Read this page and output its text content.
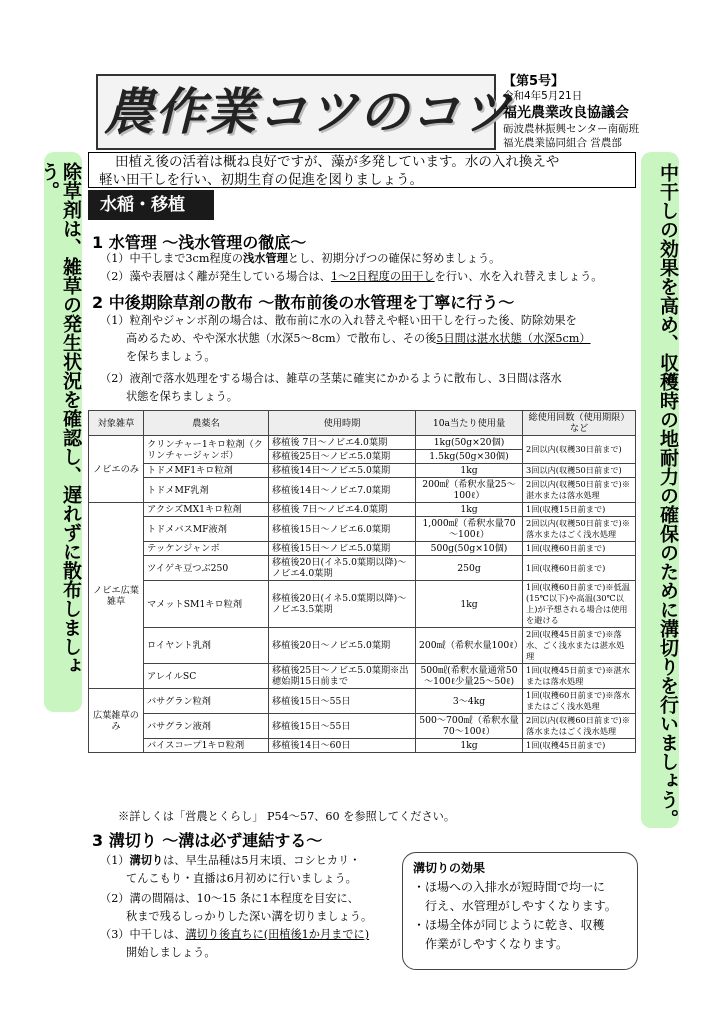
農作業コツのコツ
【第5号】
令和4年5月21日
福光農業改良協議会
砺波農林振興センター南砺班
福光農業協同組合 営農部
除草剤は、雑草の発生状況を確認し、遅れずに散布しましょう。	中干しの効果を高め、収穫時の地耐力の確保のために溝切りを行いましょう。
田植え後の活着は概ね良好ですが、藻が多発しています。水の入れ換えや
軽い田干しを行い、初期生育の促進を図りましょう。
水稲・移植
1 水管理 ～浅水管理の徹底～
（1）中干しまで3cm程度の浅水管理とし、初期分げつの確保に努めましょう。
（2）藻や表層はく離が発生している場合は、1～2日程度の田干しを行い、水を入れ替えましょう。
2 中後期除草剤の散布 ～散布前後の水管理を丁寧に行う～
（1）粒剤やジャンボ剤の場合は、散布前に水の入れ替えや軽い田干しを行った後、防除効果を
高めるため、やや深水状態（水深5～8cm）で散布し、その後5日間は湛水状態（水深5cm）
を保ちましょう。
（2）液剤で落水処理をする場合は、雑草の茎葉に確実にかかるように散布し、3日間は落水
状態を保ちましょう。
対象雑草	農薬名	使用時期	10a当たり使用量	総使用回数（使用期限）など
ノビエのみ	クリンチャー1キロ粒剤（クリンチャージャンボ）	移植後 7日～ノビエ4.0葉期	1kg(50g×20個)	2回以内(収穫30日前まで)
		移植後25日～ノビエ5.0葉期	1.5kg(50g×30個)	
	トドメMF1キロ粒剤	移植後14日～ノビエ5.0葉期	1kg	3回以内(収穫50日前まで)
	トドメMF乳剤	移植後14日～ノビエ7.0葉期	200㎖（希釈水量25～100ℓ）	2回以内(収穫50日前まで)※湛水または落水処理
ノビエ広葉雑草	アクシズMX1キロ粒剤	移植後 7日～ノビエ4.0葉期	1kg	1回(収穫15日前まで)
	トドメバスMF液剤	移植後15日～ノビエ6.0葉期	1,000㎖（希釈水量70～100ℓ）	2回以内(収穫50日前まで)※落水またはごく浅水処理
	テッケンジャンボ	移植後15日～ノビエ5.0葉期	500g(50g×10個)	1回(収穫60日前まで)
	ツイゲキ豆つぶ250	移植後20日(イネ5.0葉期以降)～ノビエ4.0葉期	250g	1回(収穫60日前まで)
	マメットSM1キロ粒剤	移植後20日(イネ5.0葉期以降)～ノビエ3.5葉期	1kg	1回(収穫60日前まで)※低温(15℃以下)や高温(30℃以上)が予想される場合は使用を避ける
	ロイヤント乳剤	移植後20日～ノビエ5.0葉期	200㎖（希釈水量100ℓ）	2回(収穫45日前まで)※落水、ごく浅水または湛水処理
	アレイルSC	移植後25日～ノビエ5.0葉期※出穂始期15日前まで	500㎖(希釈水量通常50～100ℓ少量25～50ℓ)	1回(収穫45日前まで)※湛水または落水処理
広葉雑草のみ	バサグラン粒剤	移植後15日～55日	3～4kg	1回(収穫60日前まで)※落水またはごく浅水処理
	バサグラン液剤	移植後15日～55日	500～700㎖（希釈水量70～100ℓ）	2回以内(収穫60日前まで)※落水またはごく浅水処理
	バイスコープ1キロ粒剤	移植後14日～60日	1kg	1回(収穫45日前まで)
※詳しくは「営農とくらし」 P54～57、60 を参照してください。
3 溝切り ～溝は必ず連結する～
（1）溝切りは、早生品種は5月末頃、コシヒカリ・
てんこもり・直播は6月初めに行いましょう。
（2）溝の間隔は、10～15 条に1本程度を目安に、
秋まで残るしっかりした深い溝を切りましょう。
（3）中干しは、溝切り後直ちに(田植後1か月までに)
開始しましょう。
溝切りの効果
・ほ場への入排水が短時間で均一に
行え、水管理がしやすくなります。
・ほ場全体が同じように乾き、収穫
作業がしやすくなります。
